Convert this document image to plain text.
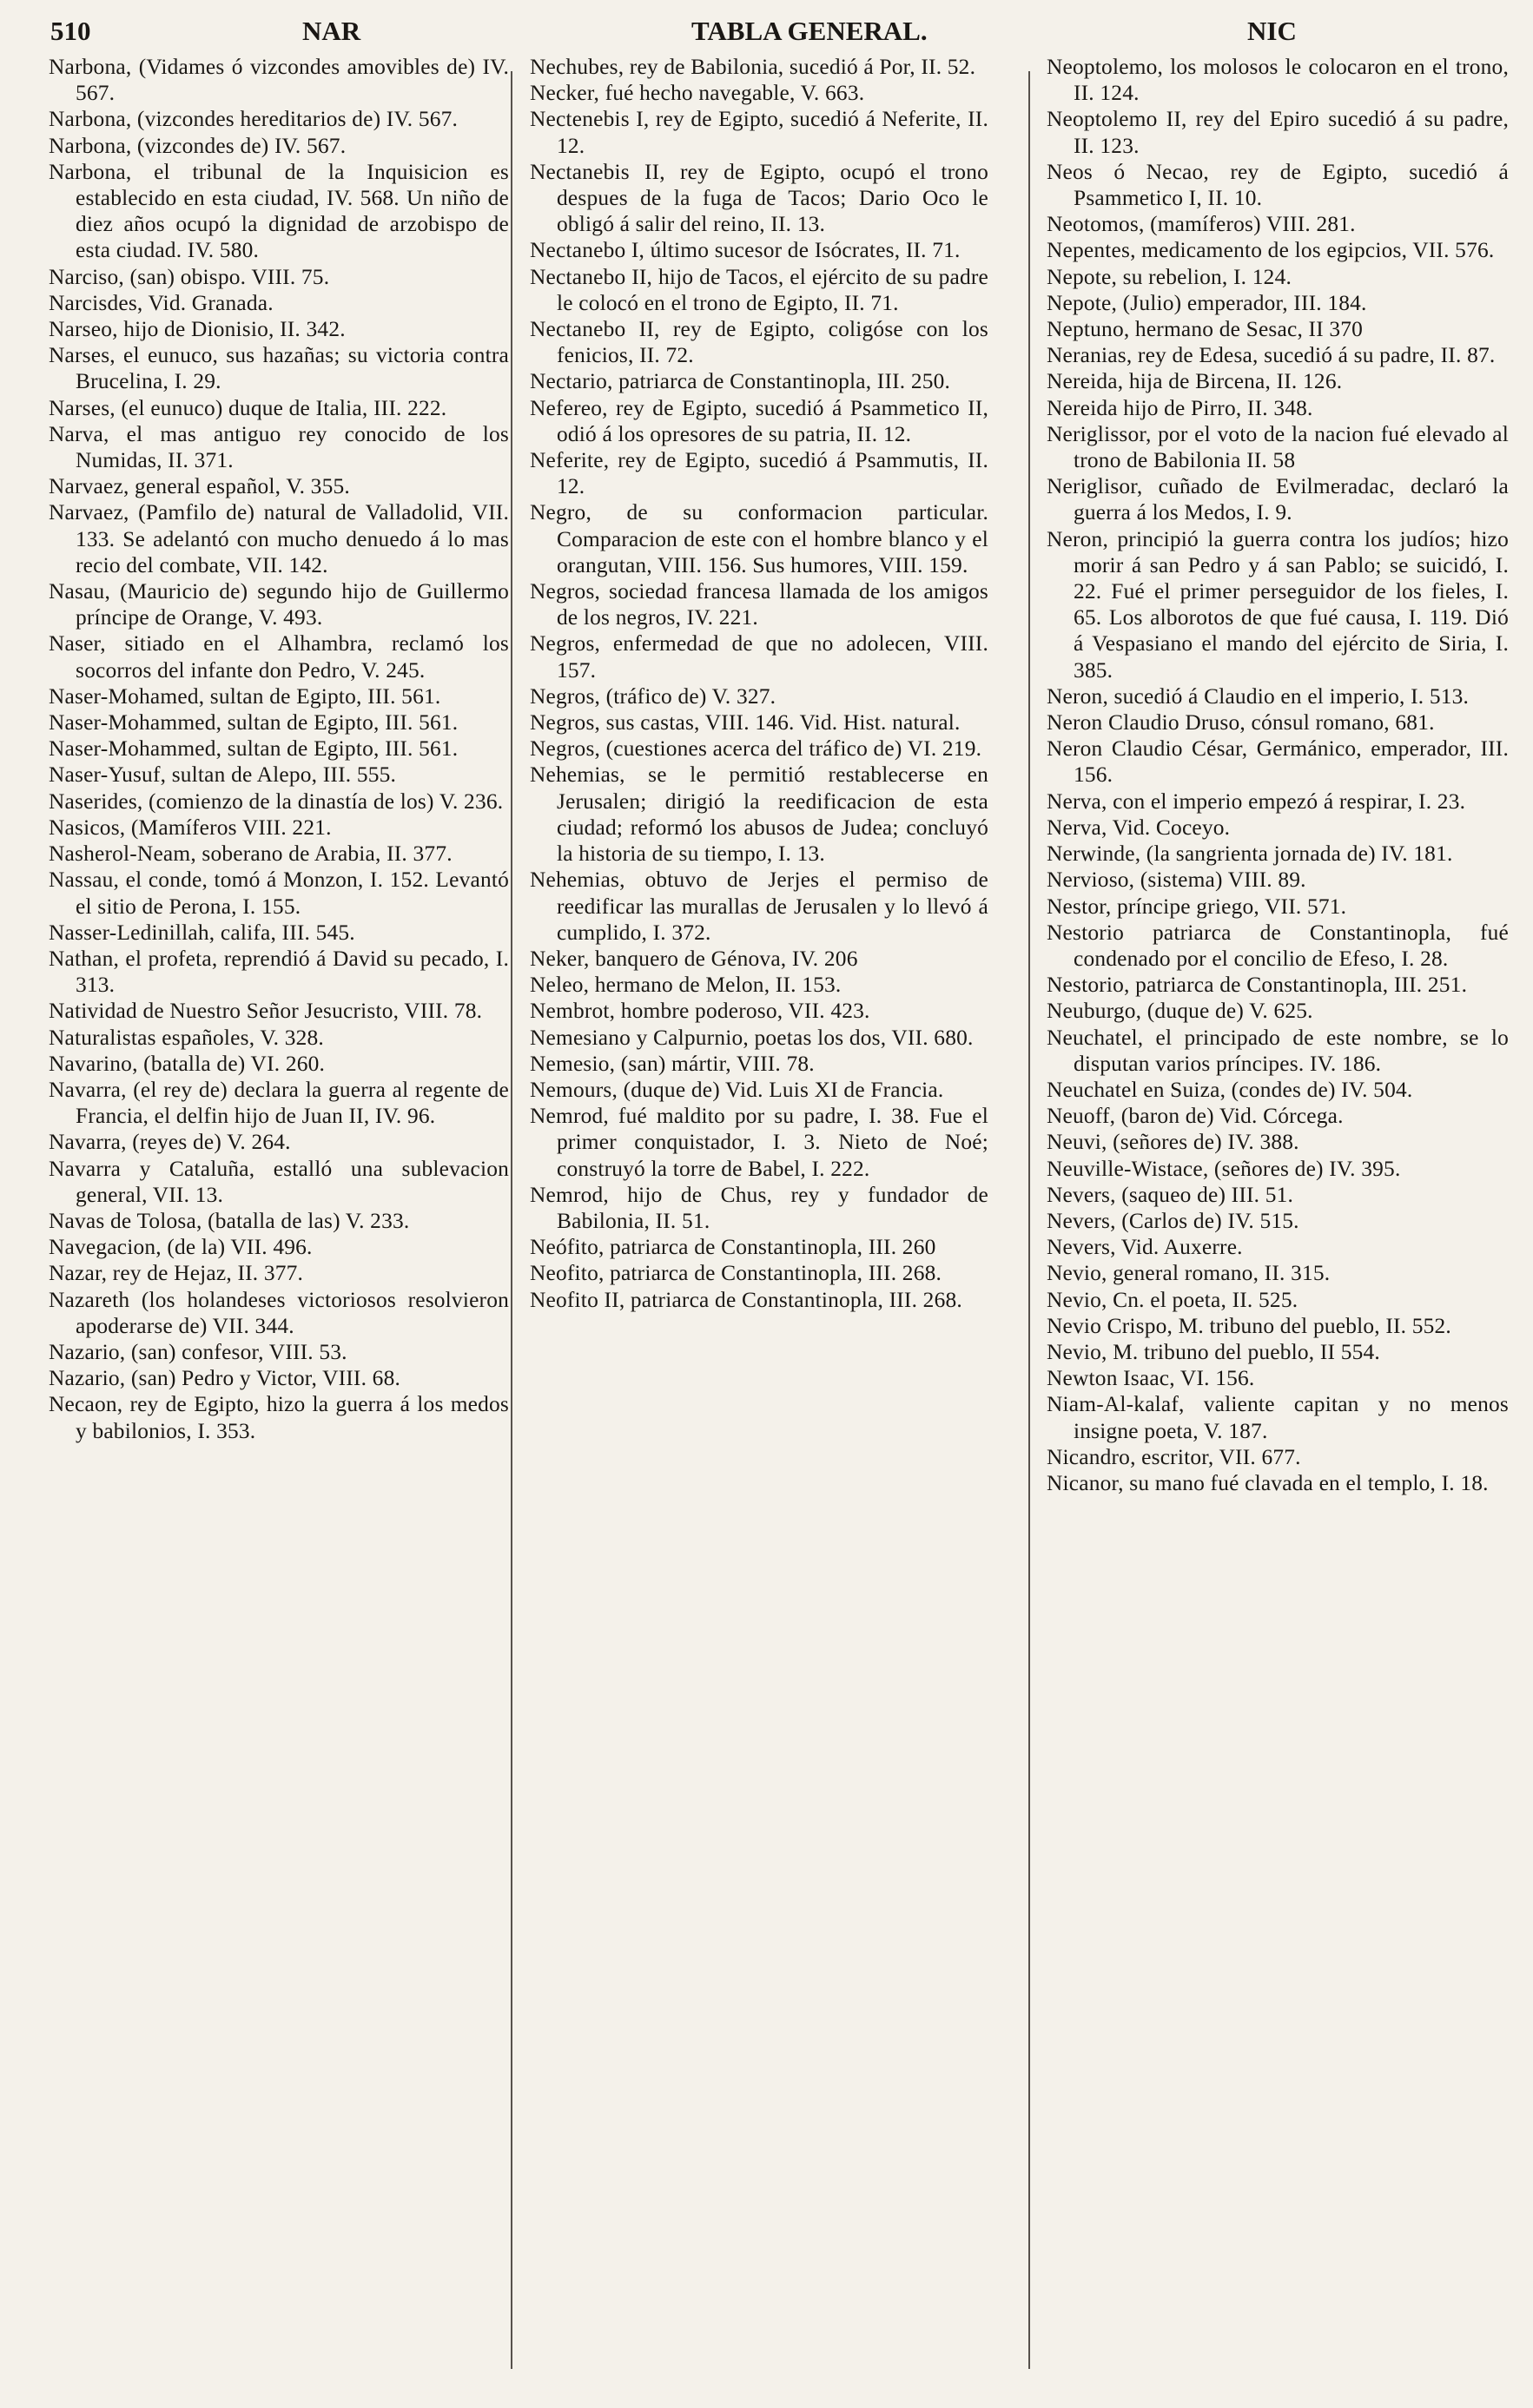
510	NAR	TABLA GENERAL.	NIC

Narbona, (Vidames ó vizcondes amovibles de) IV. 567.

Narbona, (vizcondes hereditarios de) IV. 567.

Narbona, (vizcondes de) IV. 567.

Narbona, el tribunal de la Inquisicion es establecido en esta ciudad, IV. 568. Un niño de diez años ocupó la dignidad de arzobispo de esta ciudad. IV. 580.

Narciso, (san) obispo. VIII. 75.

Narcisdes, Vid. Granada.

Narseo, hijo de Dionisio, II. 342.

Narses, el eunuco, sus hazañas; su victoria contra Brucelina, I. 29.

Narses, (el eunuco) duque de Italia, III. 222.

Narva, el mas antiguo rey conocido de los Numidas, II. 371.

Narvaez, general español, V. 355.

Narvaez, (Pamfilo de) natural de Valladolid, VII. 133. Se adelantó con mucho denuedo á lo mas recio del combate, VII. 142.

Nasau, (Mauricio de) segundo hijo de Guillermo príncipe de Orange, V. 493.

Naser, sitiado en el Alhambra, reclamó los socorros del infante don Pedro, V. 245.

Naser-Mohamed, sultan de Egipto, III. 561.

Naser-Mohammed, sultan de Egipto, III. 561.

Naser-Mohammed, sultan de Egipto, III. 561.

Naser-Yusuf, sultan de Alepo, III. 555.

Naserides, (comienzo de la dinastía de los) V. 236.

Nasicos, (Mamíferos VIII. 221.

Nasherol-Neam, soberano de Arabia, II. 377.

Nassau, el conde, tomó á Monzon, I. 152. Levantó el sitio de Perona, I. 155.

Nasser-Ledinillah, califa, III. 545.

Nathan, el profeta, reprendió á David su pecado, I. 313.

Natividad de Nuestro Señor Jesucristo, VIII. 78.

Naturalistas españoles, V. 328.

Navarino, (batalla de) VI. 260.

Navarra, (el rey de) declara la guerra al regente de Francia, el delfin hijo de Juan II, IV. 96.

Navarra, (reyes de) V. 264.

Navarra y Cataluña, estalló una sublevacion general, VII. 13.

Navas de Tolosa, (batalla de las) V. 233.

Navegacion, (de la) VII. 496.

Nazar, rey de Hejaz, II. 377.

Nazareth (los holandeses victoriosos resolvieron apoderarse de) VII. 344.

Nazario, (san) confesor, VIII. 53.

Nazario, (san) Pedro y Victor, VIII. 68.

Necaon, rey de Egipto, hizo la guerra á los medos y babilonios, I. 353.

Nechubes, rey de Babilonia, sucedió á Por, II. 52.

Necker, fué hecho navegable, V. 663.

Nectenebis I, rey de Egipto, sucedió á Neferite, II. 12.

Nectanebis II, rey de Egipto, ocupó el trono despues de la fuga de Tacos; Dario Oco le obligó á salir del reino, II. 13.

Nectanebo I, último sucesor de Isócrates, II. 71.

Nectanebo II, hijo de Tacos, el ejército de su padre le colocó en el trono de Egipto, II. 71.

Nectanebo II, rey de Egipto, coligóse con los fenicios, II. 72.

Nectario, patriarca de Constantinopla, III. 250.

Nefereo, rey de Egipto, sucedió á Psammetico II, odió á los opresores de su patria, II. 12.

Neferite, rey de Egipto, sucedió á Psammutis, II. 12.

Negro, de su conformacion particular. Comparacion de este con el hombre blanco y el orangutan, VIII. 156. Sus humores, VIII. 159.

Negros, sociedad francesa llamada de los amigos de los negros, IV. 221.

Negros, enfermedad de que no adolecen, VIII. 157.

Negros, (tráfico de) V. 327.

Negros, sus castas, VIII. 146. Vid. Hist. natural.

Negros, (cuestiones acerca del tráfico de) VI. 219.

Nehemias, se le permitió restablecerse en Jerusalen; dirigió la reedificacion de esta ciudad; reformó los abusos de Judea; concluyó la historia de su tiempo, I. 13.

Nehemias, obtuvo de Jerjes el permiso de reedificar las murallas de Jerusalen y lo llevó á cumplido, I. 372.

Neker, banquero de Génova, IV. 206

Neleo, hermano de Melon, II. 153.

Nembrot, hombre poderoso, VII. 423.

Nemesiano y Calpurnio, poetas los dos, VII. 680.

Nemesio, (san) mártir, VIII. 78.

Nemours, (duque de) Vid. Luis XI de Francia.

Nemrod, fué maldito por su padre, I. 38. Fue el primer conquistador, I. 3. Nieto de Noé; construyó la torre de Babel, I. 222.

Nemrod, hijo de Chus, rey y fundador de Babilonia, II. 51.

Neófito, patriarca de Constantinopla, III. 260

Neofito, patriarca de Constantinopla, III. 268.

Neofito II, patriarca de Constantinopla, III. 268.

Neoptolemo, los molosos le colocaron en el trono, II. 124.

Neoptolemo II, rey del Epiro sucedió á su padre, II. 123.

Neos ó Necao, rey de Egipto, sucedió á Psammetico I, II. 10.

Neotomos, (mamíferos) VIII. 281.

Nepentes, medicamento de los egipcios, VII. 576.

Nepote, su rebelion, I. 124.

Nepote, (Julio) emperador, III. 184.

Neptuno, hermano de Sesac, II 370

Neranias, rey de Edesa, sucedió á su padre, II. 87.

Nereida, hija de Bircena, II. 126.

Nereida hijo de Pirro, II. 348.

Neriglissor, por el voto de la nacion fué elevado al trono de Babilonia II. 58

Neriglisor, cuñado de Evilmeradac, declaró la guerra á los Medos, I. 9.

Neron, principió la guerra contra los judíos; hizo morir á san Pedro y á san Pablo; se suicidó, I. 22. Fué el primer perseguidor de los fieles, I. 65. Los alborotos de que fué causa, I. 119. Dió á Vespasiano el mando del ejército de Siria, I. 385.

Neron, sucedió á Claudio en el imperio, I. 513.

Neron Claudio Druso, cónsul romano, 681.

Neron Claudio César, Germánico, emperador, III. 156.

Nerva, con el imperio empezó á respirar, I. 23.

Nerva, Vid. Coceyo.

Nerwinde, (la sangrienta jornada de) IV. 181.

Nervioso, (sistema) VIII. 89.

Nestor, príncipe griego, VII. 571.

Nestorio patriarca de Constantinopla, fué condenado por el concilio de Efeso, I. 28.

Nestorio, patriarca de Constantinopla, III. 251.

Neuburgo, (duque de) V. 625.

Neuchatel, el principado de este nombre, se lo disputan varios príncipes. IV. 186.

Neuchatel en Suiza, (condes de) IV. 504.

Neuoff, (baron de) Vid. Córcega.

Neuvi, (señores de) IV. 388.

Neuville-Wistace, (señores de) IV. 395.

Nevers, (saqueo de) III. 51.

Nevers, (Carlos de) IV. 515.

Nevers, Vid. Auxerre.

Nevio, general romano, II. 315.

Nevio, Cn. el poeta, II. 525.

Nevio Crispo, M. tribuno del pueblo, II. 552.

Nevio, M. tribuno del pueblo, II 554.

Newton Isaac, VI. 156.

Niam-Al-kalaf, valiente capitan y no menos insigne poeta, V. 187.

Nicandro, escritor, VII. 677.

Nicanor, su mano fué clavada en el templo, I. 18.
